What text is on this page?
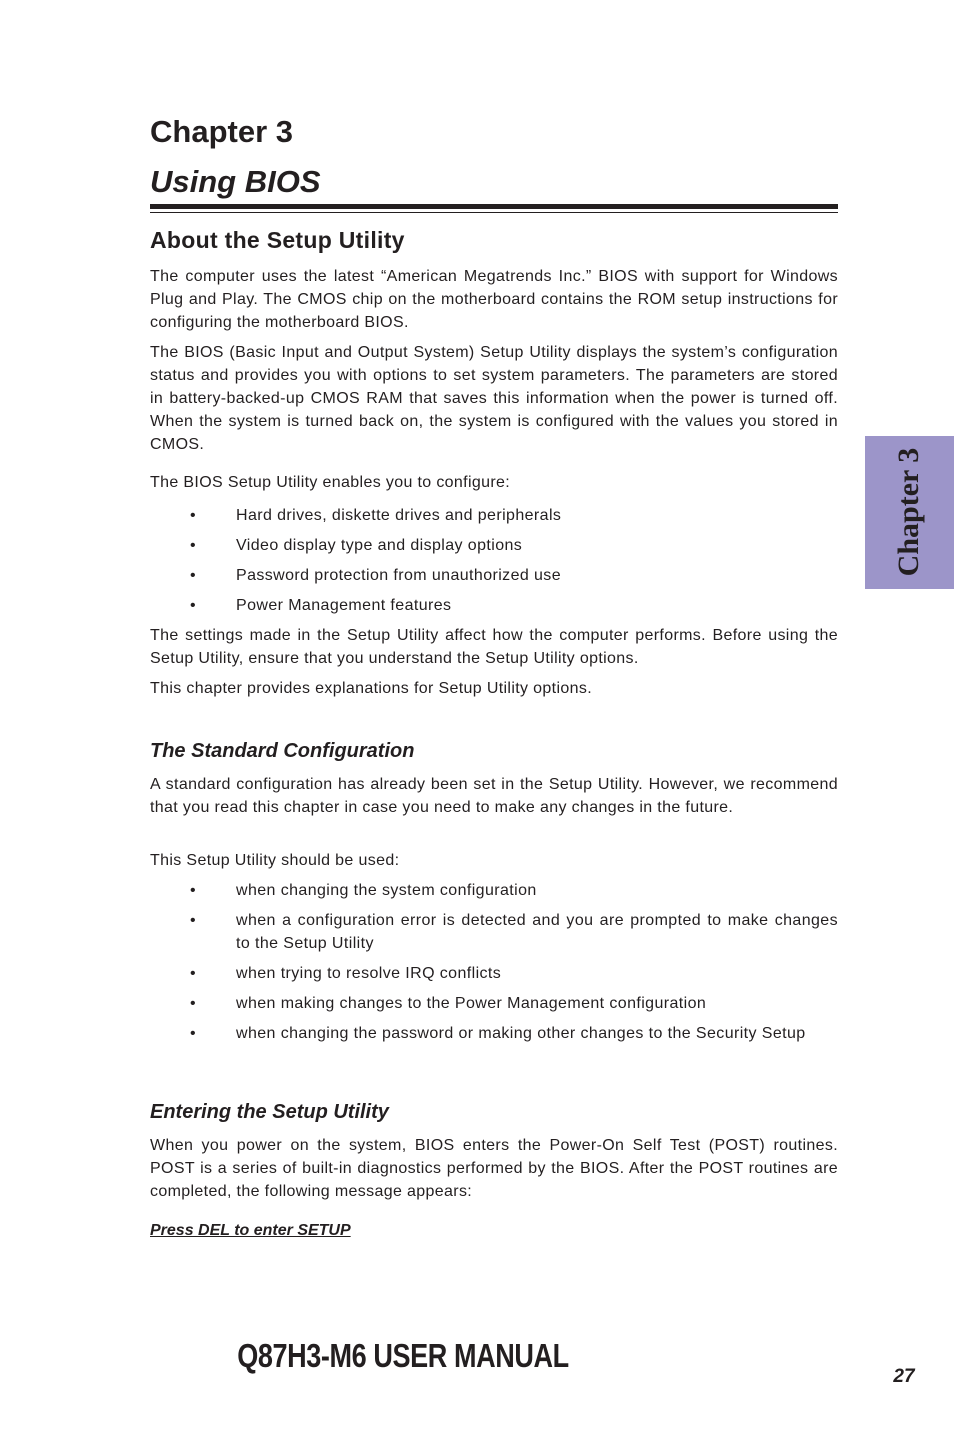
Chapter 3
Using BIOS
About the Setup Utility

The computer uses the latest “American Megatrends Inc.” BIOS with support for Windows Plug and Play. The CMOS chip on the motherboard contains the ROM setup instructions for configuring the motherboard BIOS.

The BIOS (Basic Input and Output System) Setup Utility displays the system’s configuration status and provides you with options to set system parameters. The parameters are stored in battery-backed-up CMOS RAM that saves this information when the power is turned off. When the system is turned back on, the system is configured with the values you stored in CMOS.

The BIOS Setup Utility enables you to configure:

• Hard drives, diskette drives and peripherals
• Video display type and display options
• Password protection from unauthorized use
• Power Management features

The settings made in the Setup Utility affect how the computer performs. Before using the Setup Utility, ensure that you understand the Setup Utility options.

This chapter provides explanations for Setup Utility options.

The Standard Configuration

A standard configuration has already been set in the Setup Utility. However, we recommend that you read this chapter in case you need to make any changes in the future.

This Setup Utility should be used:

• when changing the system configuration
• when a configuration error is detected and you are prompted to make changes to the Setup Utility
• when trying to resolve IRQ conflicts
• when making changes to the Power Management configuration
• when changing the password or making other changes to the Security Setup
Entering the Setup Utility

When you power on the system, BIOS enters the Power-On Self Test (POST) routines. POST is a series of built-in diagnostics performed by the BIOS. After the POST routines are completed, the following message appears:

Press DEL to enter SETUP

Chapter 3
Q87H3-M6 USER MANUAL
27
